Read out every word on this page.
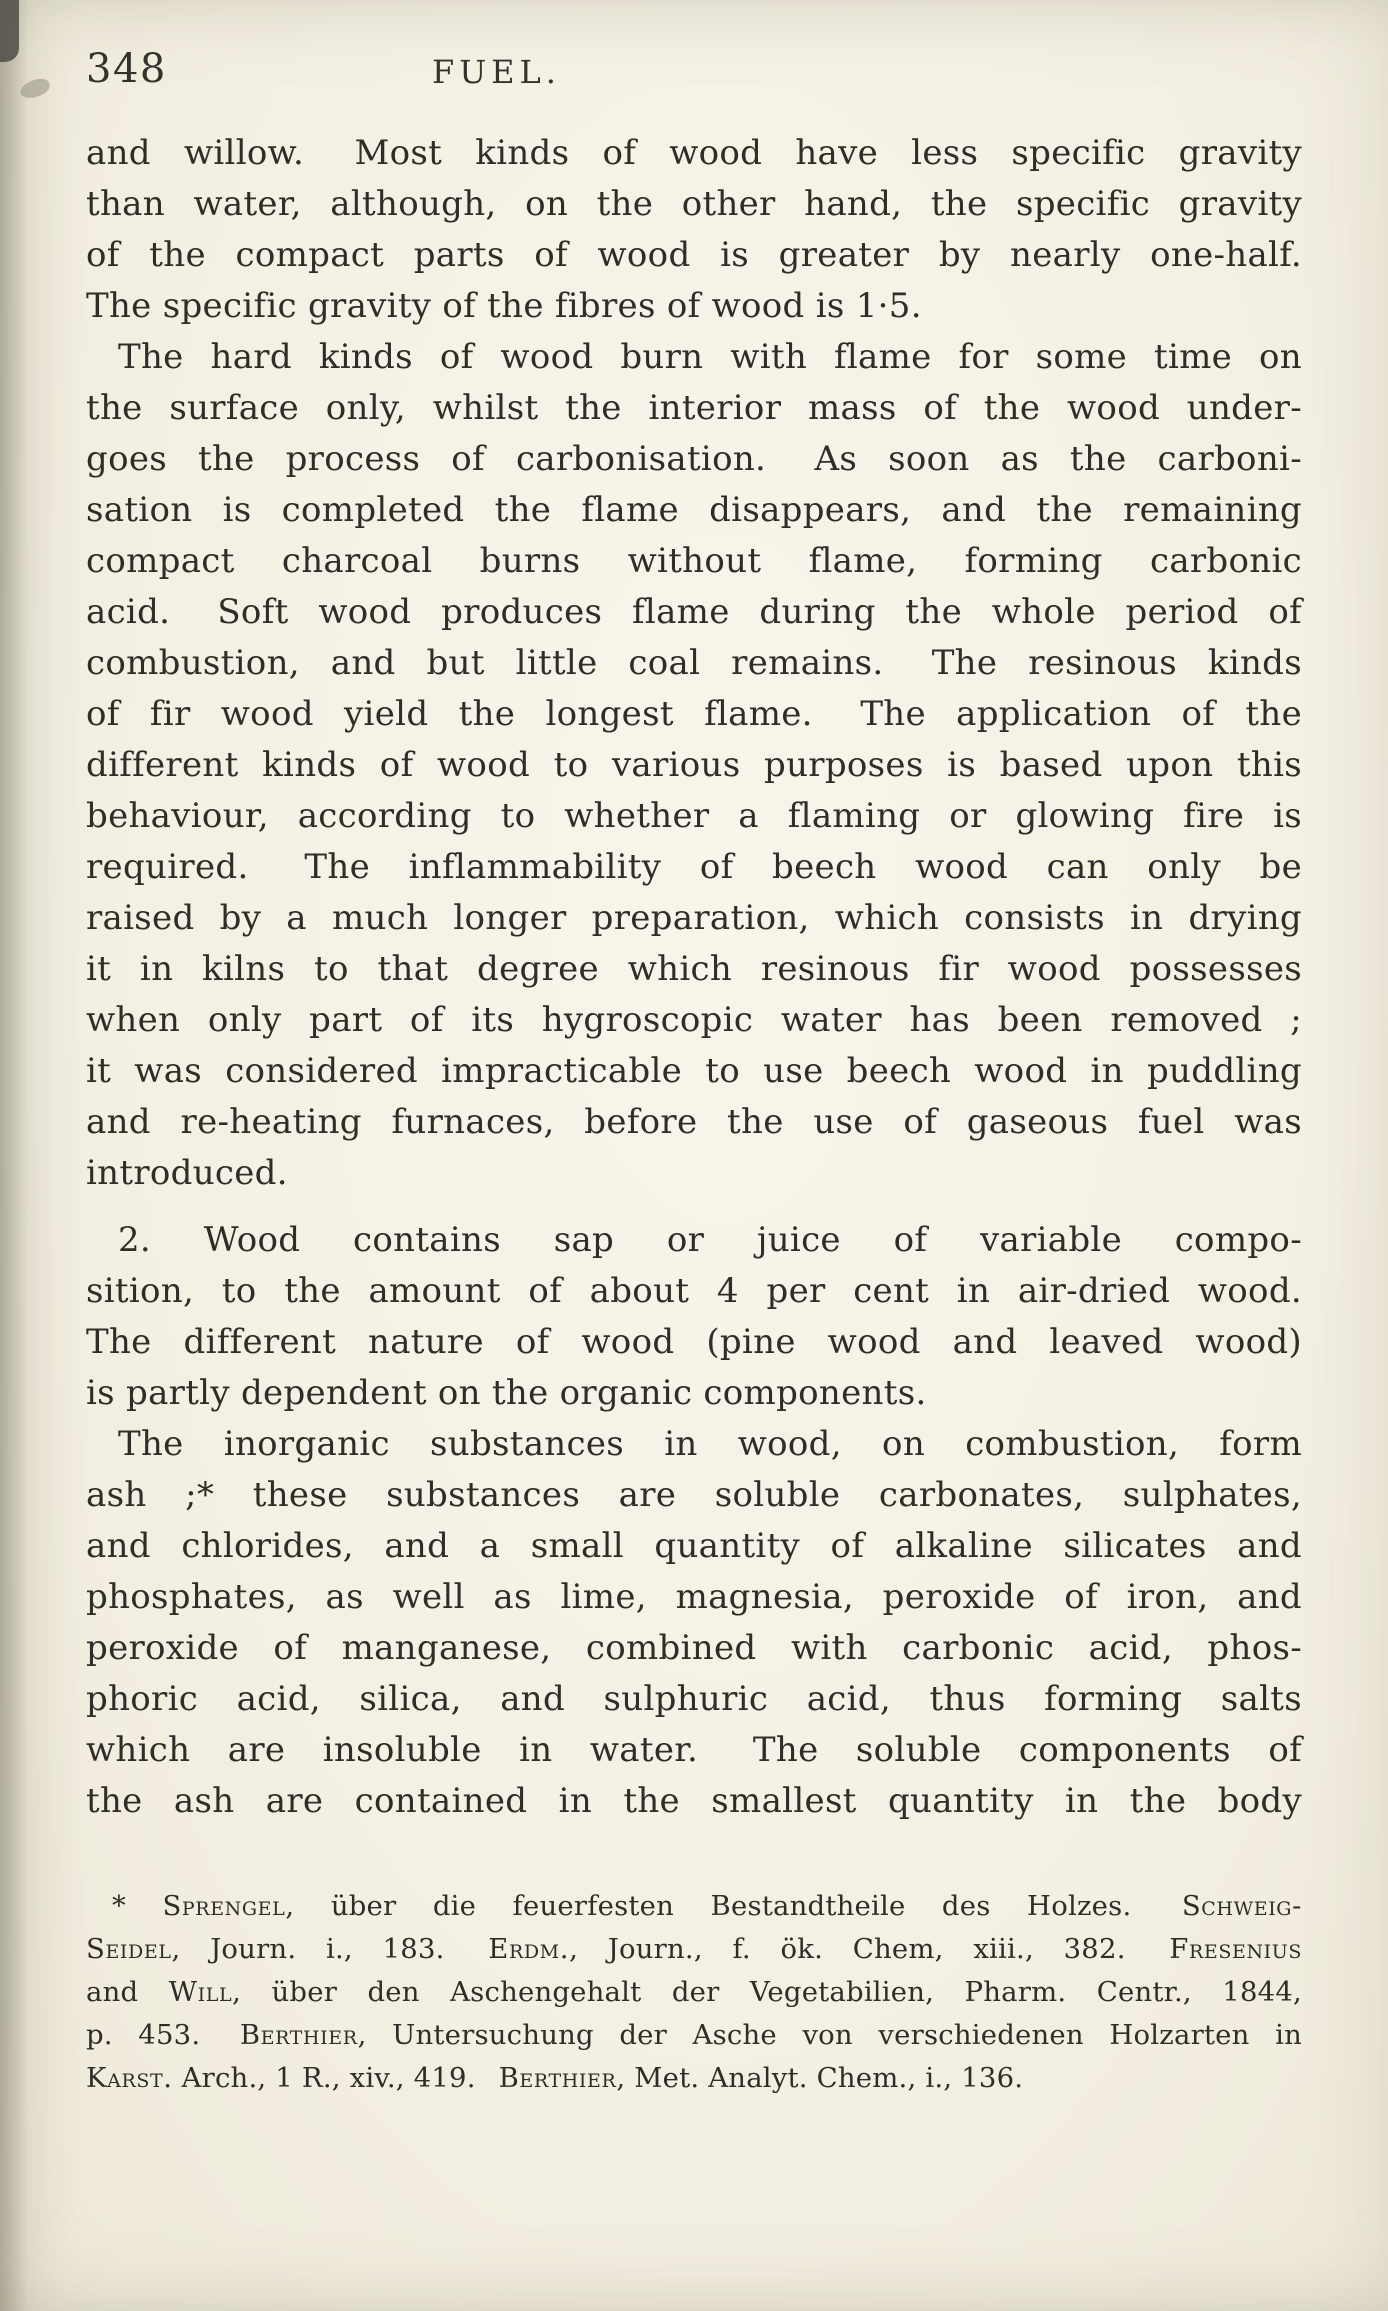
348	FUEL.
and willow.  Most kinds of wood have less specific gravity
than water, although, on the other hand, the specific gravity
of the compact parts of wood is greater by nearly one-half.
The specific gravity of the fibres of wood is 1·5.
The hard kinds of wood burn with flame for some time on
the surface only, whilst the interior mass of the wood under-
goes the process of carbonisation.  As soon as the carboni-
sation is completed the flame disappears, and the remaining
compact charcoal burns without flame, forming carbonic
acid.  Soft wood produces flame during the whole period of
combustion, and but little coal remains.  The resinous kinds
of fir wood yield the longest flame.  The application of the
different kinds of wood to various purposes is based upon this
behaviour, according to whether a flaming or glowing fire is
required.  The inflammability of beech wood can only be
raised by a much longer preparation, which consists in drying
it in kilns to that degree which resinous fir wood possesses
when only part of its hygroscopic water has been removed ;
it was considered impracticable to use beech wood in puddling
and re-heating furnaces, before the use of gaseous fuel was
introduced.
2. Wood contains sap or juice of variable compo-
sition, to the amount of about 4 per cent in air-dried wood.
The different nature of wood (pine wood and leaved wood)
is partly dependent on the organic components.
The inorganic substances in wood, on combustion, form
ash ;* these substances are soluble carbonates, sulphates,
and chlorides, and a small quantity of alkaline silicates and
phosphates, as well as lime, magnesia, peroxide of iron, and
peroxide of manganese, combined with carbonic acid, phos-
phoric acid, silica, and sulphuric acid, thus forming salts
which are insoluble in water.  The soluble components of
the ash are contained in the smallest quantity in the body
* Sprengel, über die feuerfesten Bestandtheile des Holzes.  Schweig-
Seidel, Journ. i., 183.  Erdm., Journ., f. ök. Chem, xiii., 382.  Fresenius
and Will, über den Aschengehalt der Vegetabilien, Pharm. Centr., 1844,
p. 453.  Berthier, Untersuchung der Asche von verschiedenen Holzarten in
Karst. Arch., 1 R., xiv., 419.  Berthier, Met. Analyt. Chem., i., 136.
